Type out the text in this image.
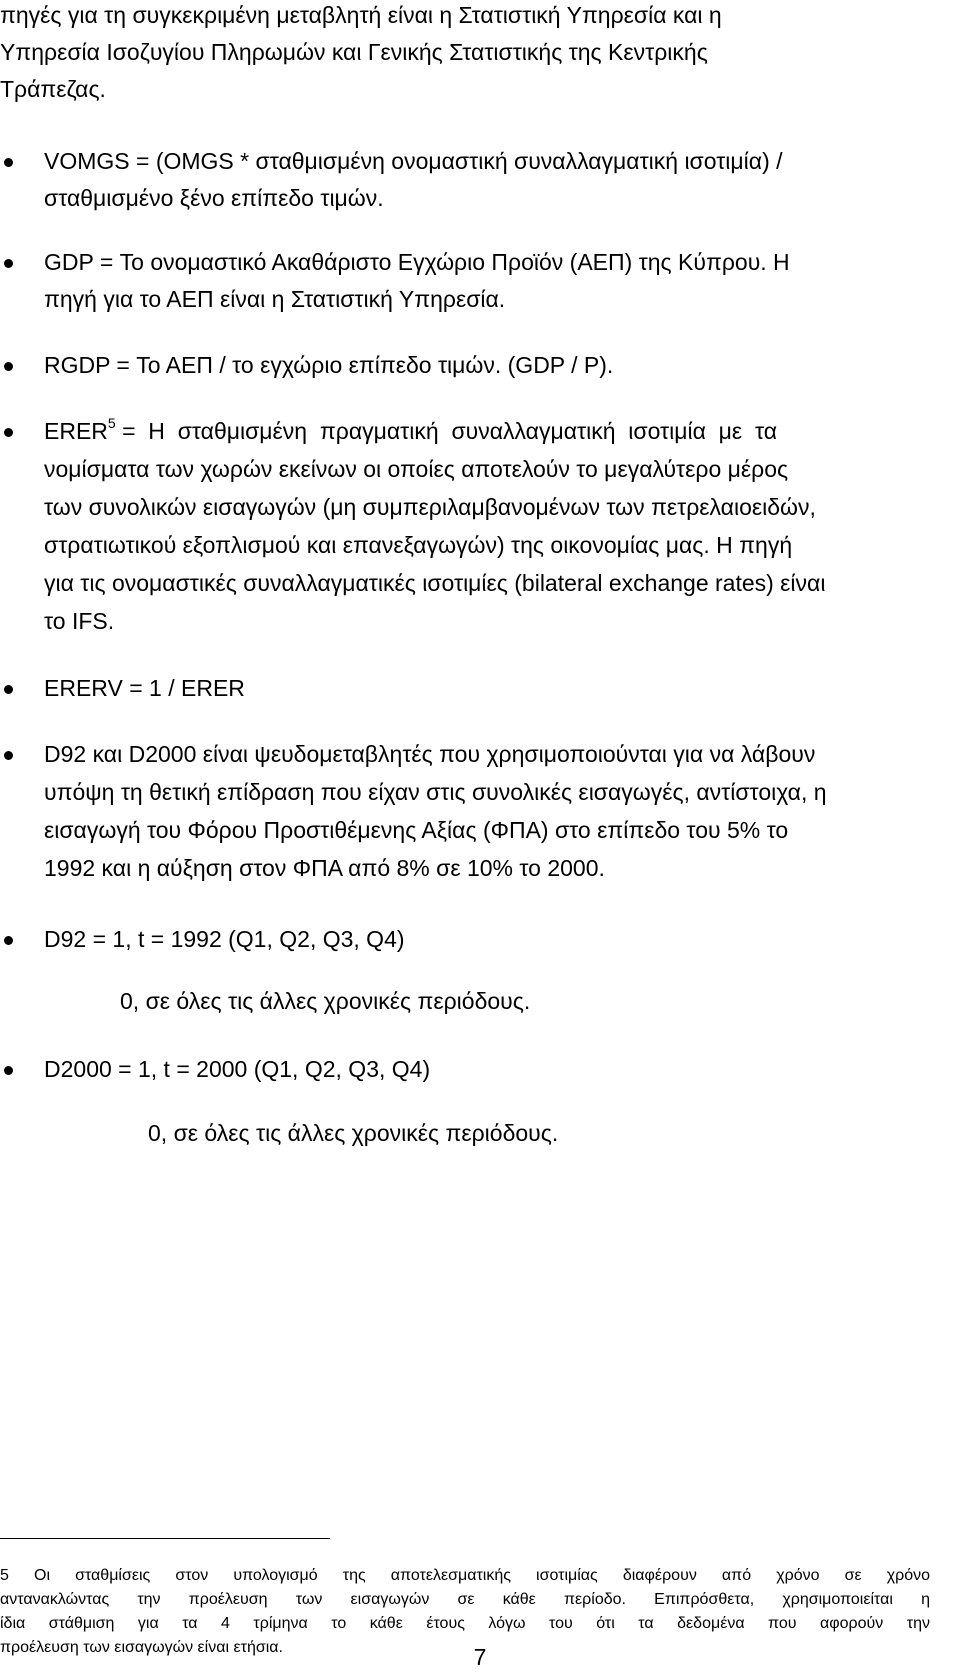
πηγές για τη συγκεκριμένη μεταβλητή είναι η Στατιστική Υπηρεσία και η
Υπηρεσία Ισοζυγίου Πληρωμών και Γενικής Στατιστικής της Κεντρικής
Τράπεζας.
VOMGS = (OMGS * σταθμισμένη ονομαστική συναλλαγματική ισοτιμία) /
σταθμισμένο ξένο επίπεδο τιμών.
GDP = Το ονομαστικό Ακαθάριστο Εγχώριο Προϊόν (ΑΕΠ) της Κύπρου. Η
πηγή για το ΑΕΠ είναι η Στατιστική Υπηρεσία.
RGDP = Το ΑΕΠ / το εγχώριο επίπεδο τιμών. (GDP / P).
$ERER^5 = H$  σταθμισμένη  πραγματική  συναλλαγματική  ισοτιμία  με  τα
νομίσματα των χωρών εκείνων οι οποίες αποτελούν το μεγαλύτερο μέρος
των συνολικών εισαγωγών (μη συμπεριλαμβανομένων των πετρελαιοειδών,
στρατιωτικού εξοπλισμού και επανεξαγωγών) της οικονομίας μας. Η πηγή
για τις ονομαστικές συναλλαγματικές ισοτιμίες (bilateral exchange rates) είναι
το IFS.
ERERV = 1 / ERER
D92 και D2000 είναι ψευδομεταβλητές που χρησιμοποιούνται για να λάβουν
υπόψη τη θετική επίδραση που είχαν στις συνολικές εισαγωγές, αντίστοιχα, η
εισαγωγή του Φόρου Προστιθέμενης Αξίας (ΦΠΑ) στο επίπεδο του 5% το
1992 και η αύξηση στον ΦΠΑ από 8% σε 10% το 2000.
D92 = 1, t = 1992 (Q1, Q2, Q3, Q4)
0, σε όλες τις άλλες χρονικές περιόδους.
D2000 = 1, t = 2000 (Q1, Q2, Q3, Q4)
0, σε όλες τις άλλες χρονικές περιόδους.
5 Οι σταθμίσεις στον υπολογισμό της αποτελεσματικής ισοτιμίας διαφέρουν από χρόνο σε χρόνο
αντανακλώντας την προέλευση των εισαγωγών σε κάθε περίοδο. Επιπρόσθετα, χρησιμοποιείται η
ίδια στάθμιση για τα 4 τρίμηνα το κάθε έτους λόγω του ότι τα δεδομένα που αφορούν την
προέλευση των εισαγωγών είναι ετήσια.	7
